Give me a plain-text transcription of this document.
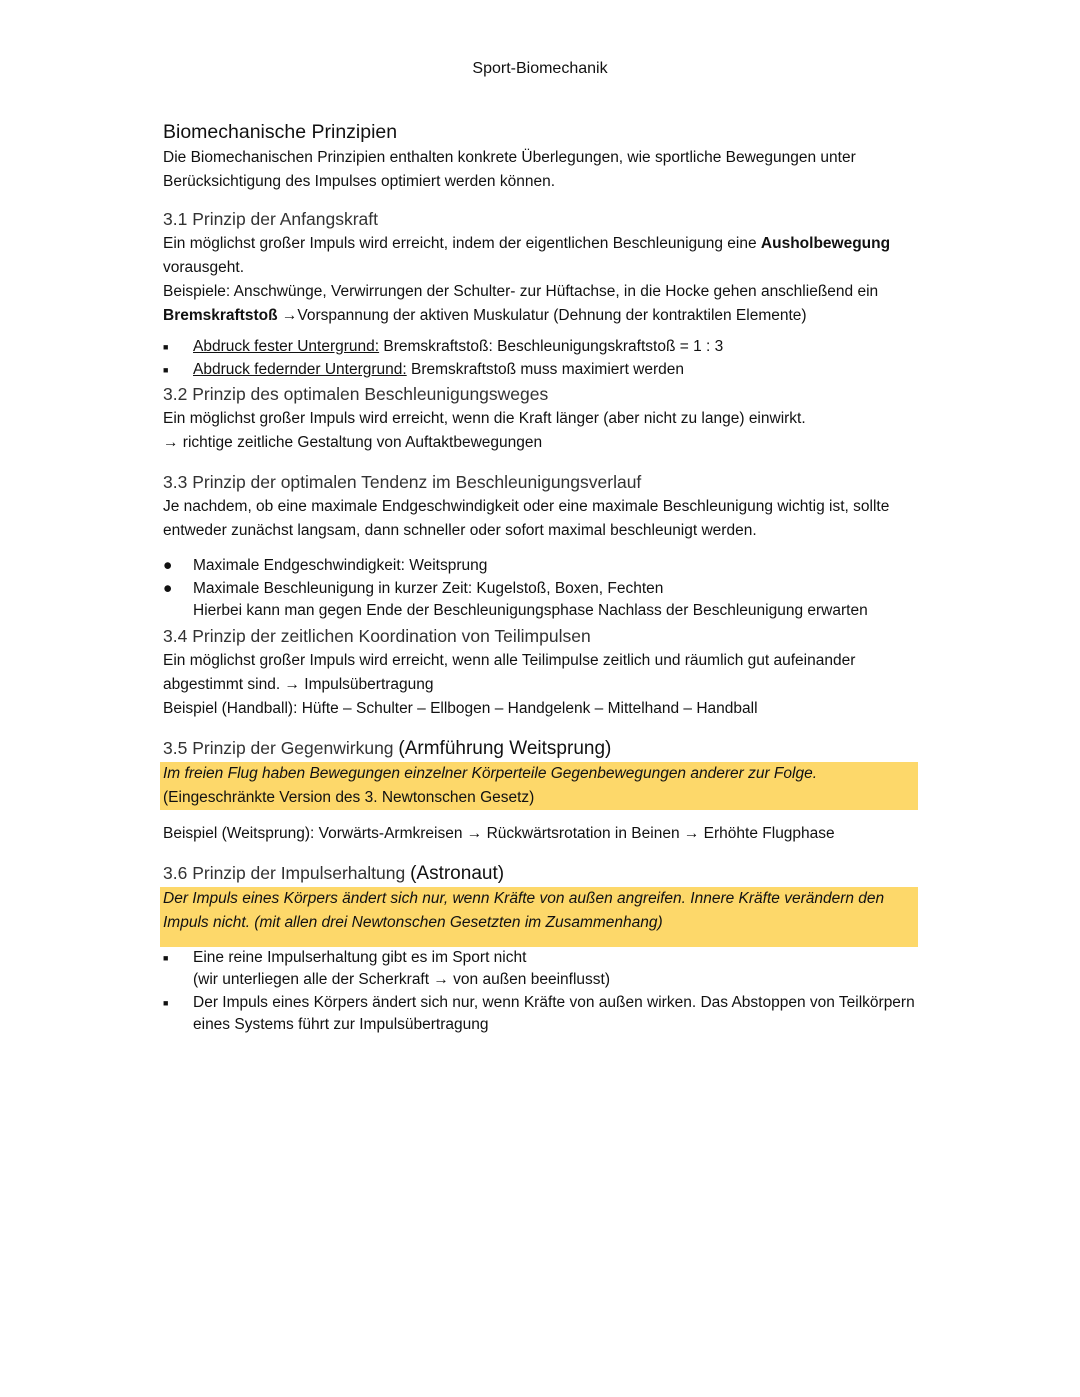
Sport-Biomechanik
Biomechanische Prinzipien

Die Biomechanischen Prinzipien enthalten konkrete Überlegungen, wie sportliche Bewegungen unter Berücksichtigung des Impulses optimiert werden können.

3.1 Prinzip der Anfangskraft

Ein möglichst großer Impuls wird erreicht, indem der eigentlichen Beschleunigung eine Ausholbewegung vorausgeht.

Beispiele: Anschwünge, Verwirrungen der Schulter- zur Hüftachse, in die Hocke gehen anschließend ein Bremskraftstoß →Vorspannung der aktiven Muskulatur (Dehnung der kontraktilen Elemente)

■	Abdruck fester Untergrund: Bremskraftstoß: Beschleunigungskraftstoß = 1 : 3
■	Abdruck federnder Untergrund: Bremskraftstoß muss maximiert werden
3.2 Prinzip des optimalen Beschleunigungsweges

Ein möglichst großer Impuls wird erreicht, wenn die Kraft länger (aber nicht zu lange) einwirkt.

→ richtige zeitliche Gestaltung von Auftaktbewegungen

3.3 Prinzip der optimalen Tendenz im Beschleunigungsverlauf

Je nachdem, ob eine maximale Endgeschwindigkeit oder eine maximale Beschleunigung wichtig ist, sollte entweder zunächst langsam, dann schneller oder sofort maximal beschleunigt werden.

● Maximale Endgeschwindigkeit: Weitsprung
● Maximale Beschleunigung in kurzer Zeit: Kugelstoß, Boxen, Fechten
Hierbei kann man gegen Ende der Beschleunigungsphase Nachlass der Beschleunigung erwarten
3.4 Prinzip der zeitlichen Koordination von Teilimpulsen

Ein möglichst großer Impuls wird erreicht, wenn alle Teilimpulse zeitlich und räumlich gut aufeinander abgestimmt sind. → Impulsübertragung

Beispiel (Handball): Hüfte – Schulter – Ellbogen – Handgelenk – Mittelhand – Handball

3.5 Prinzip der Gegenwirkung (Armführung Weitsprung)

Im freien Flug haben Bewegungen einzelner Körperteile Gegenbewegungen anderer zur Folge.

(Eingeschränkte Version des 3. Newtonschen Gesetz)

Beispiel (Weitsprung): Vorwärts-Armkreisen → Rückwärtsrotation in Beinen → Erhöhte Flugphase

3.6 Prinzip der Impulserhaltung (Astronaut)

Der Impuls eines Körpers ändert sich nur, wenn Kräfte von außen angreifen. Innere Kräfte verändern den Impuls nicht. (mit allen drei Newtonschen Gesetzten im Zusammenhang)

■	Eine reine Impulserhaltung gibt es im Sport nicht
(wir unterliegen alle der Scherkraft → von außen beeinflusst)
■	Der Impuls eines Körpers ändert sich nur, wenn Kräfte von außen wirken. Das Abstoppen von Teilkörpern eines Systems führt zur Impulsübertragung
